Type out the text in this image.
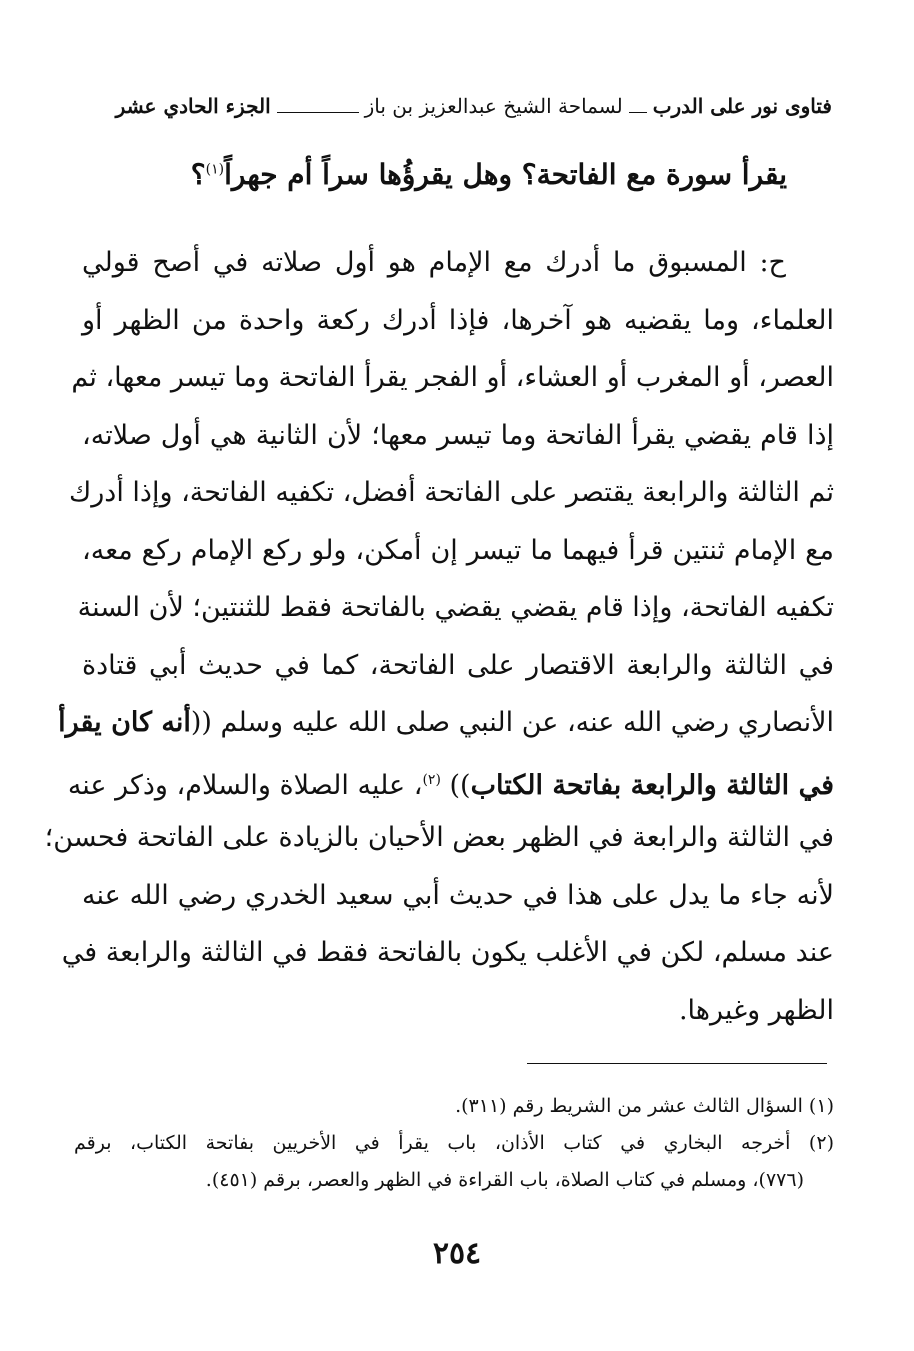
فتاوى نور على الدرب
لسماحة الشيخ عبدالعزيز بن باز
الجزء الحادي عشر
يقرأ سورة مع الفاتحة؟ وهل يقرؤُها سراً أم جهراً$^{(١)}$؟
ح: المسبوق ما أدرك مع الإمام هو أول صلاته في أصح قولي
العلماء، وما يقضيه هو آخرها، فإذا أدرك ركعة واحدة من الظهر أو
العصر، أو المغرب أو العشاء، أو الفجر يقرأ الفاتحة وما تيسر معها، ثم
إذا قام يقضي يقرأ الفاتحة وما تيسر معها؛ لأن الثانية هي أول صلاته،
ثم الثالثة والرابعة يقتصر على الفاتحة أفضل، تكفيه الفاتحة، وإذا أدرك
مع الإمام ثنتين قرأ فيهما ما تيسر إن أمكن، ولو ركع الإمام ركع معه،
تكفيه الفاتحة، وإذا قام يقضي يقضي بالفاتحة فقط للثنتين؛ لأن السنة
في الثالثة والرابعة الاقتصار على الفاتحة، كما في حديث أبي قتادة
الأنصاري رضي الله عنه، عن النبي صلى الله عليه وسلم ((أنه كان يقرأ
في الثالثة والرابعة بفاتحة الكتاب)) $^{(٢)}$، عليه الصلاة والسلام، وذكر عنه
في الثالثة والرابعة في الظهر بعض الأحيان بالزيادة على الفاتحة فحسن؛
لأنه جاء ما يدل على هذا في حديث أبي سعيد الخدري رضي الله عنه
عند مسلم، لكن في الأغلب يكون بالفاتحة فقط في الثالثة والرابعة في
الظهر وغيرها.
(١) السؤال الثالث عشر من الشريط رقم (٣١١).
(٢) أخرجه البخاري في كتاب الأذان، باب يقرأ في الأخريين بفاتحة الكتاب، برقم
(٧٧٦)، ومسلم في كتاب الصلاة، باب القراءة في الظهر والعصر، برقم (٤٥١).
٢٥٤
